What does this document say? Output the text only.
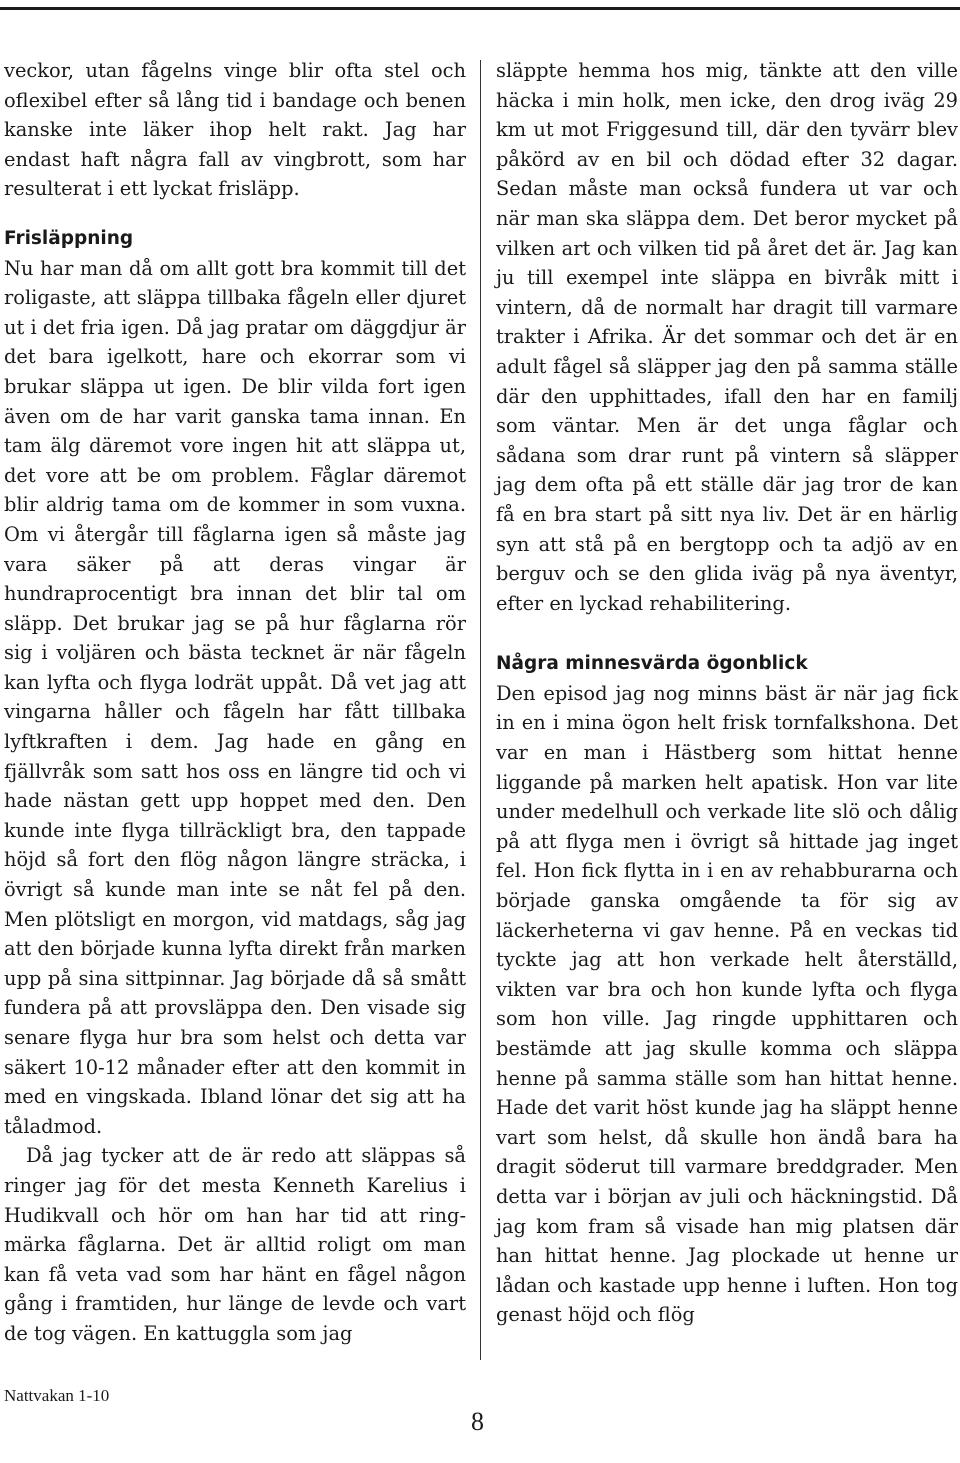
veckor, utan fågelns vinge blir ofta stel och oflexibel efter så lång tid i bandage och benen kanske inte läker ihop helt rakt. Jag har endast haft några fall av vingbrott, som har resulterat i ett lyckat frisläpp.

Frisläppning

Nu har man då om allt gott bra kommit till det roligaste, att släppa tillbaka fågeln eller djuret ut i det fria igen. Då jag pratar om däggdjur är det bara igelkott, hare och ekorrar som vi brukar släppa ut igen. De blir vilda fort igen även om de har varit ganska tama innan. En tam älg däremot vore ingen hit att släppa ut, det vore att be om problem. Fåglar däremot blir aldrig tama om de kommer in som vuxna. Om vi återgår till fåglarna igen så måste jag vara säker på att deras vingar är hundraprocentigt bra innan det blir tal om släpp. Det brukar jag se på hur fåglarna rör sig i voljären och bästa tecknet är när fågeln kan lyfta och flyga lodrät uppåt. Då vet jag att vingarna håller och fågeln har fått tillbaka lyftkraften i dem. Jag hade en gång en fjällvråk som satt hos oss en längre tid och vi hade nästan gett upp hoppet med den. Den kunde inte flyga tillräckligt bra, den tappade höjd så fort den flög någon längre sträcka, i övrigt så kunde man inte se nåt fel på den. Men plötsligt en morgon, vid matdags, såg jag att den började kunna lyfta direkt från marken upp på sina sittpinnar. Jag började då så smått fundera på att provsläppa den. Den visade sig senare flyga hur bra som helst och detta var säkert 10-12 månader efter att den kommit in med en vingskada. Ibland lönar det sig att ha tåladmod.

Då jag tycker att de är redo att släppas så ringer jag för det mesta Kenneth Karelius i Hudikvall och hör om han har tid att ringmärka fåglarna. Det är alltid roligt om man kan få veta vad som har hänt en fågel någon gång i framtiden, hur länge de levde och vart de tog vägen. En kattuggla som jag

släppte hemma hos mig, tänkte att den ville häcka i min holk, men icke, den drog iväg 29 km ut mot Friggesund till, där den tyvärr blev påkörd av en bil och dödad efter 32 dagar. Sedan måste man också fundera ut var och när man ska släppa dem. Det beror mycket på vilken art och vilken tid på året det är. Jag kan ju till exempel inte släppa en bivråk mitt i vintern, då de normalt har dragit till varmare trakter i Afrika. Är det sommar och det är en adult fågel så släpper jag den på samma ställe där den upphittades, ifall den har en familj som väntar. Men är det unga fåglar och sådana som drar runt på vintern så släpper jag dem ofta på ett ställe där jag tror de kan få en bra start på sitt nya liv. Det är en härlig syn att stå på en bergtopp och ta adjö av en berguv och se den glida iväg på nya äventyr, efter en lyckad rehabilitering.

Några minnesvärda ögonblick

Den episod jag nog minns bäst är när jag fick in en i mina ögon helt frisk tornfalkshona. Det var en man i Hästberg som hittat henne liggande på marken helt apatisk. Hon var lite under medelhull och verkade lite slö och dålig på att flyga men i övrigt så hittade jag inget fel. Hon fick flytta in i en av rehabburarna och började ganska omgående ta för sig av läckerheterna vi gav henne. På en veckas tid tyckte jag att hon verkade helt återställd, vikten var bra och hon kunde lyfta och flyga som hon ville. Jag ringde upphittaren och bestämde att jag skulle komma och släppa henne på samma ställe som han hittat henne. Hade det varit höst kunde jag ha släppt henne vart som helst, då skulle hon ändå bara ha dragit söderut till varmare breddgrader. Men detta var i början av juli och häckningstid. Då jag kom fram så visade han mig platsen där han hittat henne. Jag plockade ut henne ur lådan och kastade upp henne i luften. Hon tog genast höjd och flög

Nattvakan 1-10
8
